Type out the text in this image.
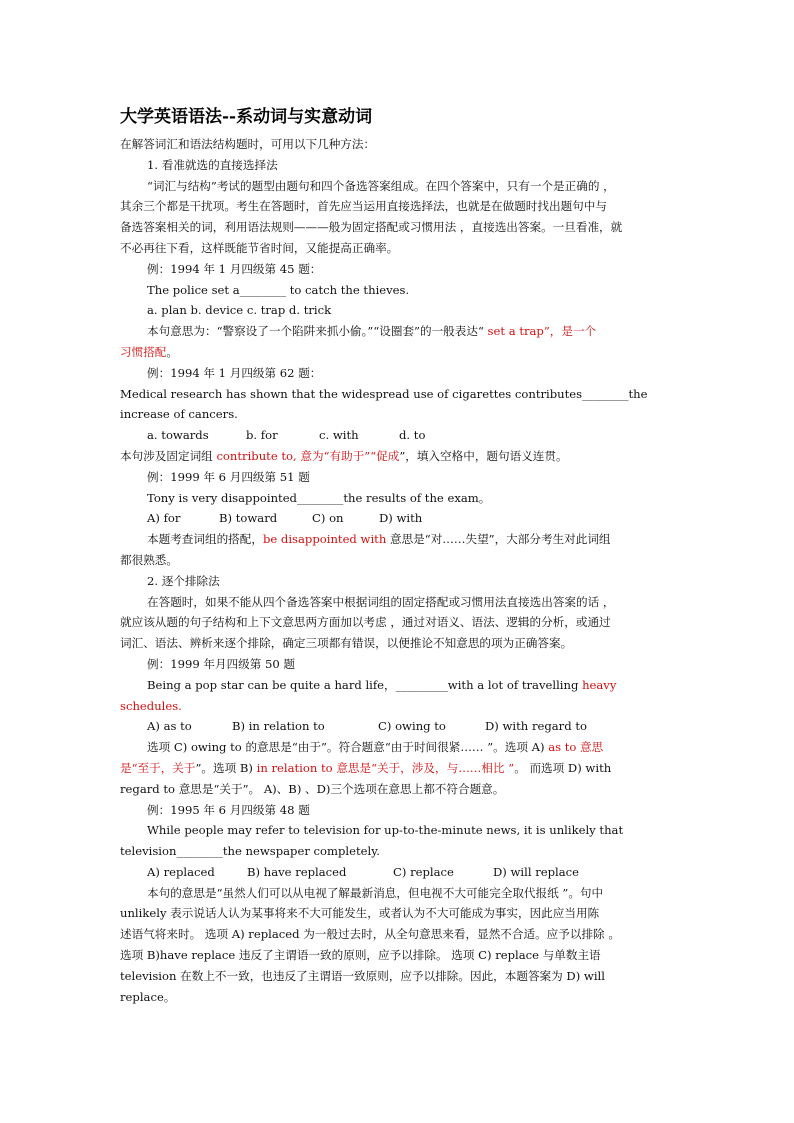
大学英语语法--系动词与实意动词

在解答词汇和语法结构题时，可用以下几种方法：

1. 看准就选的直接选择法

“词汇与结构”考试的题型由题句和四个备选答案组成。在四个答案中，只有一个是正确的 ，

其余三个都是干扰项。考生在答题时，首先应当运用直接选择法，也就是在做题时找出题句中与

备选答案相关的词，利用语法规则———般为固定搭配或习惯用法 ，直接选出答案。一旦看准，就

不必再往下看，这样既能节省时间，又能提高正确率。

例：1994 年 1 月四级第 45 题：

The police set a________ to catch the thieves.

a. plan b. device c. trap d. trick

本句意思为：“警察设了一个陷阱来抓小偷。”“设圈套”的一般表达“ set a trap”，是一个

习惯搭配。

例：1994 年 1 月四级第 62 题：

Medical research has shown that the widespread use of cigarettes contributes________the

increase of cancers.

a. towards	b. for	c. with	d. to

本句涉及固定词组 contribute to, 意为“有助于”“促成”，填入空格中，题句语义连贯。

例：1999 年 6 月四级第 51 题

Tony is very disappointed________the results of the exam。

A) for	B) toward	C) on	D) with

本题考查词组的搭配，be disappointed with 意思是“对……失望”，大部分考生对此词组

都很熟悉。

2. 逐个排除法

在答题时，如果不能从四个备选答案中根据词组的固定搭配或习惯用法直接选出答案的话 ，

就应该从题的句子结构和上下文意思两方面加以考虑 ，通过对语义、语法、逻辑的分析，或通过

词汇、语法、辨析来逐个排除，确定三项都有错误，以便推论不知意思的项为正确答案。

例：1999 年月四级第 50 题

Being a pop star can be quite a hard life，_________with a lot of travelling heavy

schedules.

A) as to	B) in relation to	C) owing to	D) with regard to

选项 C) owing to 的意思是“由于”。符合题意“由于时间很紧…… ”。选项 A) as to 意思

是“至于，关于”。选项 B) in relation to 意思是“关于，涉及，与……相比 ”。 而选项 D) with

regard to 意思是“关于”。 A)、B) 、D)三个选项在意思上都不符合题意。

例：1995 年 6 月四级第 48 题

While people may refer to television for up-to-the-minute news, it is unlikely that

television________the newspaper completely.

A) replaced	B) have replaced	C) replace	D) will replace

本句的意思是“虽然人们可以从电视了解最新消息，但电视不大可能完全取代报纸 ”。句中

unlikely 表示说话人认为某事将来不大可能发生，或者认为不大可能成为事实，因此应当用陈

述语气将来时。 选项 A) replaced 为一般过去时，从全句意思来看，显然不合适。应予以排除 。

选项 B)have replace 违反了主谓语一致的原则，应予以排除。 选项 C) replace 与单数主语

television 在数上不一致，也违反了主谓语一致原则，应予以排除。因此，本题答案为 D) will

replace。
